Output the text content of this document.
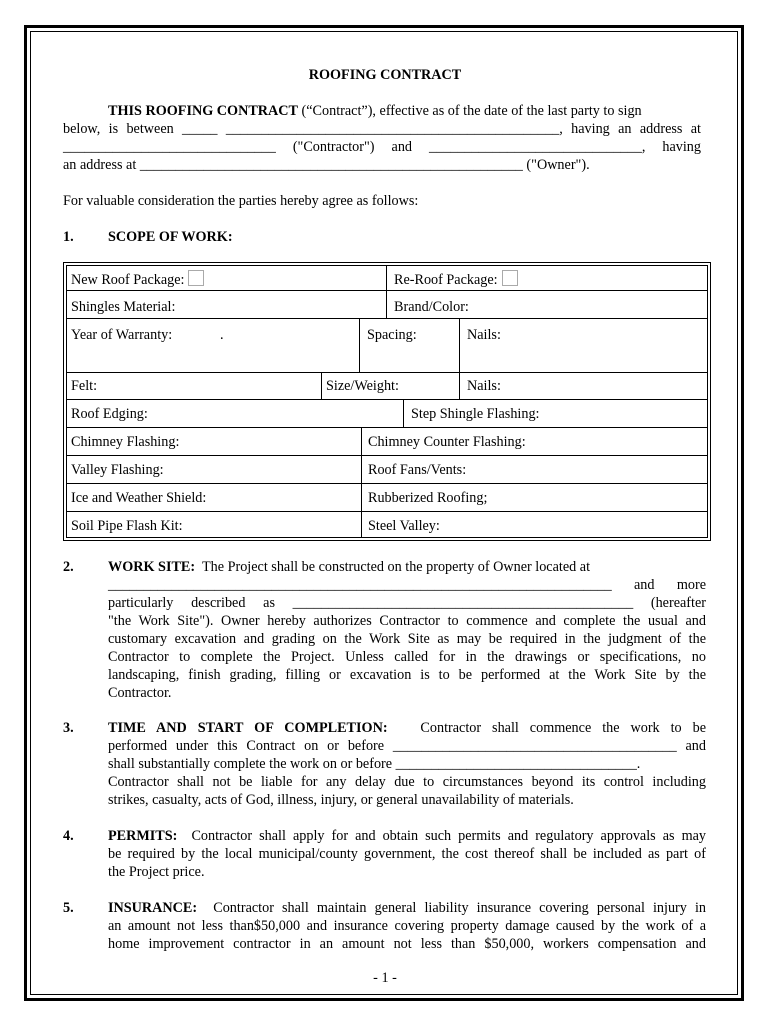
ROOFING CONTRACT
THIS ROOFING CONTRACT (“Contract”), effective as of the date of the last party to sign
below, is between _____ _______________________________________________, having an address at
______________________________ ("Contractor") and ______________________________, having
an address at ______________________________________________________ ("Owner").
For valuable consideration the parties hereby agree as follows:
1. SCOPE OF WORK:
New Roof Package:	Re-Roof Package:
Shingles Material:	Brand/Color:
Year of Warranty:	.	Spacing:	Nails:
Felt:	Size/Weight:	Nails:
Roof Edging:	Step Shingle Flashing:
Chimney Flashing:	Chimney Counter Flashing:
Valley Flashing:	Roof Fans/Vents:
Ice and Weather Shield:	Rubberized Roofing;
Soil Pipe Flash Kit:	Steel Valley:
2. WORK SITE: The Project shall be constructed on the property of Owner located at
_______________________________________________________________________ and more
particularly described as ________________________________________________ (hereafter
"the Work Site"). Owner hereby authorizes Contractor to commence and complete the usual and
customary excavation and grading on the Work Site as may be required in the judgment of the
Contractor to complete the Project. Unless called for in the drawings or specifications, no
landscaping, finish grading, filling or excavation is to be performed at the Work Site by the
Contractor.
3. TIME AND START OF COMPLETION: Contractor shall commence the work to be
performed under this Contract on or before ________________________________________ and
shall substantially complete the work on or before __________________________________.
Contractor shall not be liable for any delay due to circumstances beyond its control including
strikes, casualty, acts of God, illness, injury, or general unavailability of materials.
4. PERMITS: Contractor shall apply for and obtain such permits and regulatory approvals as may
be required by the local municipal/county government, the cost thereof shall be included as part of
the Project price.
5. INSURANCE: Contractor shall maintain general liability insurance covering personal injury in
an amount not less than$50,000 and insurance covering property damage caused by the work of a
home improvement contractor in an amount not less than $50,000, workers compensation and
- 1 -
